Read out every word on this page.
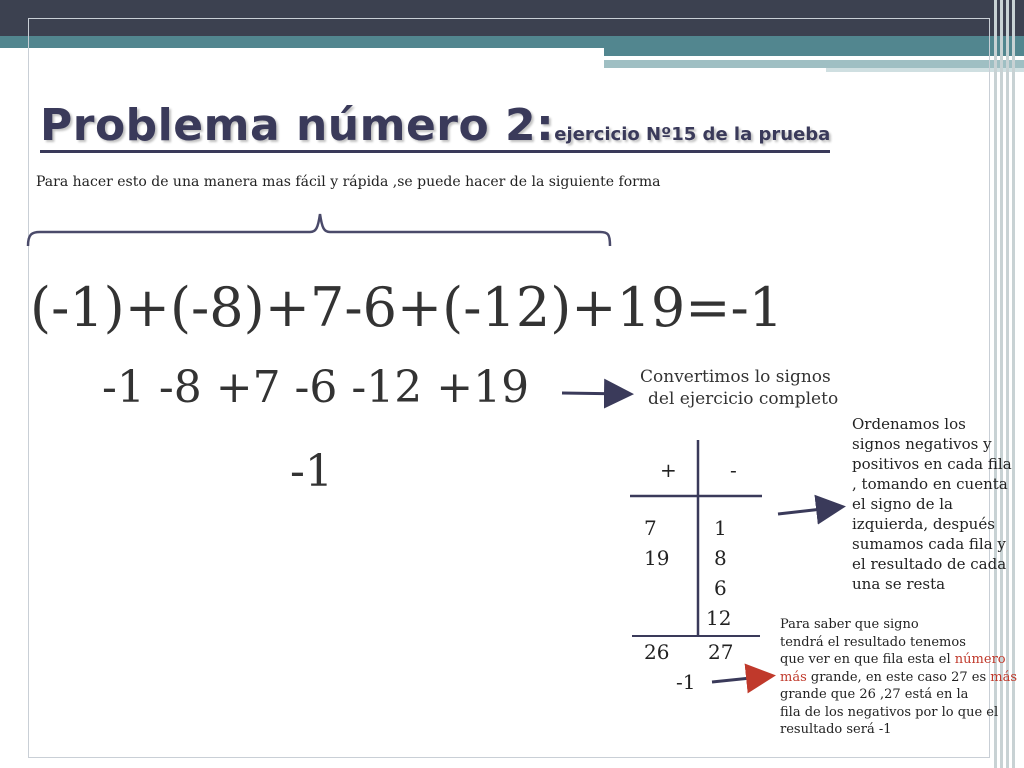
Problema número 2:ejercicio Nº15 de la prueba
Para hacer esto de una manera mas fácil y rápida ,se puede hacer de la siguiente forma
(-1)+(-8)+7-6+(-12)+19=-1
-1 -8 +7 -6 -12 +19
-1
Convertimos lo signos
del ejercicio completo
+	-
7
19
1
8
6
12
26 27
-1
Ordenamos los
signos negativos y
positivos en cada fila
, tomando en cuenta
el signo de la
izquierda, después
sumamos cada fila y
el resultado de cada
una se resta
Para saber que signo
tendrá el resultado tenemos
que ver en que fila esta el número
más grande, en este caso 27 es más
grande que 26 ,27 está en la
fila de los negativos por lo que el
resultado será -1
